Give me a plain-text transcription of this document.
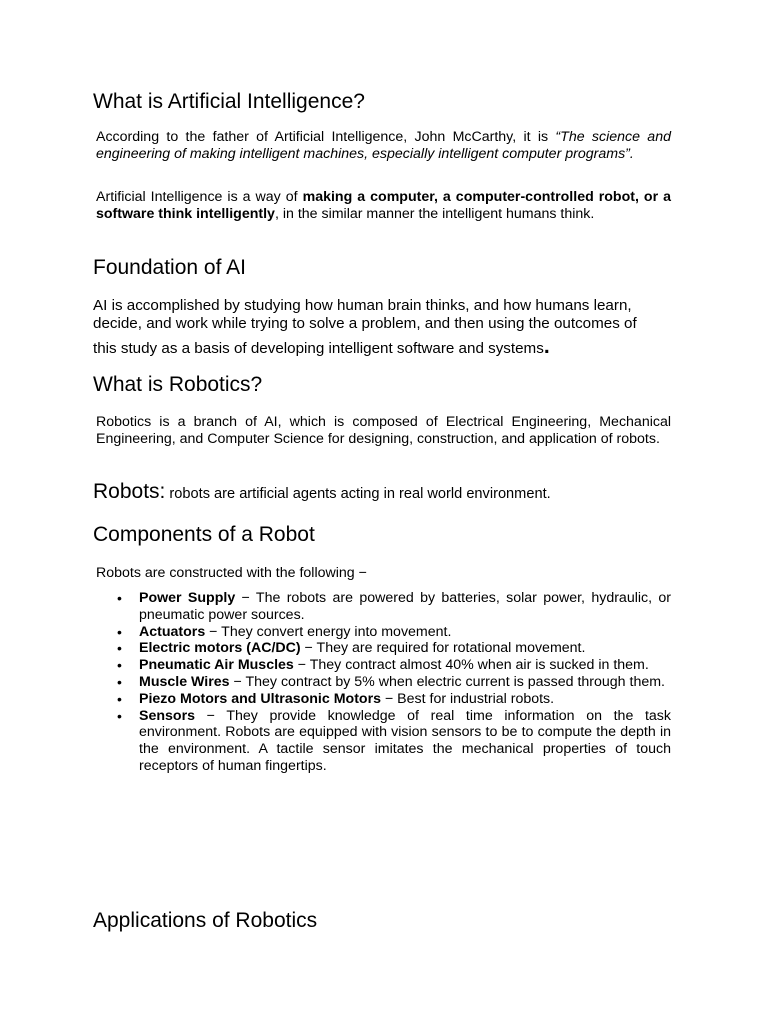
What is Artificial Intelligence?

According to the father of Artificial Intelligence, John McCarthy, it is “The science and engineering of making intelligent machines, especially intelligent computer programs”.

Artificial Intelligence is a way of making a computer, a computer-controlled robot, or a software think intelligently, in the similar manner the intelligent humans think.

Foundation of AI

AI is accomplished by studying how human brain thinks, and how humans learn,

decide, and work while trying to solve a problem, and then using the outcomes of

this study as a basis of developing intelligent software and systems.

What is Robotics?

Robotics is a branch of AI, which is composed of Electrical Engineering, Mechanical Engineering, and Computer Science for designing, construction, and application of robots.

Robots: robots are artificial agents acting in real world environment.

Components of a Robot

Robots are constructed with the following −

• Power Supply − The robots are powered by batteries, solar power, hydraulic, or pneumatic power sources.
• Actuators − They convert energy into movement.
• Electric motors (AC/DC) − They are required for rotational movement.
• Pneumatic Air Muscles − They contract almost 40% when air is sucked in them.
• Muscle Wires − They contract by 5% when electric current is passed through them.
• Piezo Motors and Ultrasonic Motors − Best for industrial robots.
• Sensors − They provide knowledge of real time information on the task environment. Robots are equipped with vision sensors to be to compute the depth in the environment. A tactile sensor imitates the mechanical properties of touch receptors of human fingertips.
Applications of Robotics
